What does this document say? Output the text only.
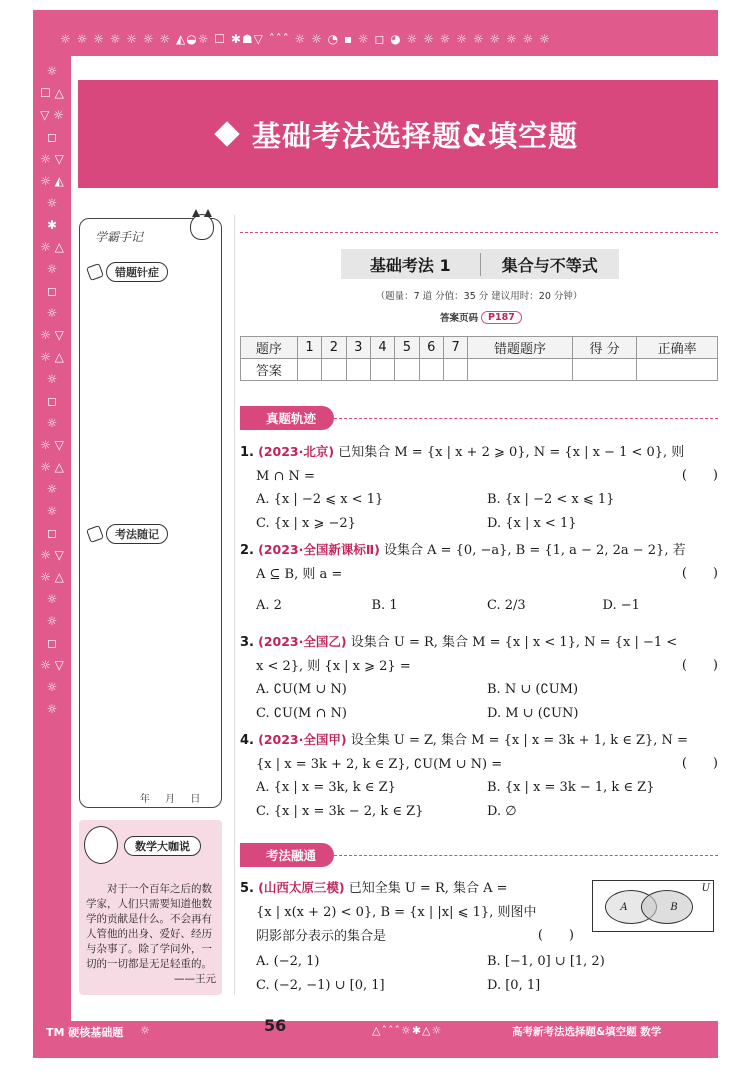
☼ ☼ ☼ ☼ ☼ ☼ ☼ ◭◒☼ ☐ ✱☗▽ ˆˆˆ ☼ ☼ ◔ ▪ ☼ ◻ ◕ ☼ ☼ ☼ ☼ ☼ ☼ ☼ ☼ ☼
☼ ☐ △ ▽ ☼ ◻ ☼ ▽ ☼ ◭ ☼ ✱ ☼ △ ☼ ◻ ☼ ☼ ▽ ☼ △ ☼ ◻ ☼ ☼ ▽ ☼ △ ☼ ☼ ◻ ☼ ▽ ☼ △ ☼ ☼ ◻ ☼ ▽ ☼ ☼
基础考法选择题&填空题
学霸手记
错题针症
考法随记
年 月 日
数学大咖说
对于一个百年之后的数学家，人们只需要知道他数学的贡献是什么。不会再有人管他的出身、爱好、经历与杂事了。除了学问外，一切的一切都是无足轻重的。
——王元
基础考法 1	集合与不等式
（题量：7 道 分值：35 分 建议用时：20 分钟）
答案页码	P187
题序	1	2	3	4	5	6	7	错题题序	得 分	正确率
答案										
真题轨迹
1. (2023·北京) 已知集合 M = {x | x + 2 ⩾ 0}, N = {x | x − 1 < 0}, 则
M ∩ N =	(　　)
A. {x | −2 ⩽ x < 1}	B. {x | −2 < x ⩽ 1}
C. {x | x ⩾ −2}	D. {x | x < 1}
2. (2023·全国新课标Ⅱ) 设集合 A = {0, −a}, B = {1, a − 2, 2a − 2}, 若
A ⊆ B, 则 a =	(　　)
A. 2	B. 1	C. 2/3	D. −1
3. (2023·全国乙) 设集合 U = R, 集合 M = {x | x < 1}, N = {x | −1 <
x < 2}, 则 {x | x ⩾ 2} =	(　　)
A. ∁U(M ∪ N)	B. N ∪ (∁UM)
C. ∁U(M ∩ N)	D. M ∪ (∁UN)
4. (2023·全国甲) 设全集 U = Z, 集合 M = {x | x = 3k + 1, k ∈ Z}, N =
{x | x = 3k + 2, k ∈ Z}, ∁U(M ∪ N) =	(　　)
A. {x | x = 3k, k ∈ Z}	B. {x | x = 3k − 1, k ∈ Z}
C. {x | x = 3k − 2, k ∈ Z}	D. ∅
考法融通
5. (山西太原三模) 已知全集 U = R, 集合 A =
{x | x(x + 2) < 0}, B = {x | |x| ⩽ 1}, 则图中
阴影部分表示的集合是	(　　)
U
A	B
A. (−2, 1)	B. [−1, 0] ∪ [1, 2)
C. (−2, −1) ∪ [0, 1]	D. [0, 1]
TM 硬核基础题 ☼	56	△ˆˆˆ☼✱△☼	高考新考法选择题&填空题 数学
